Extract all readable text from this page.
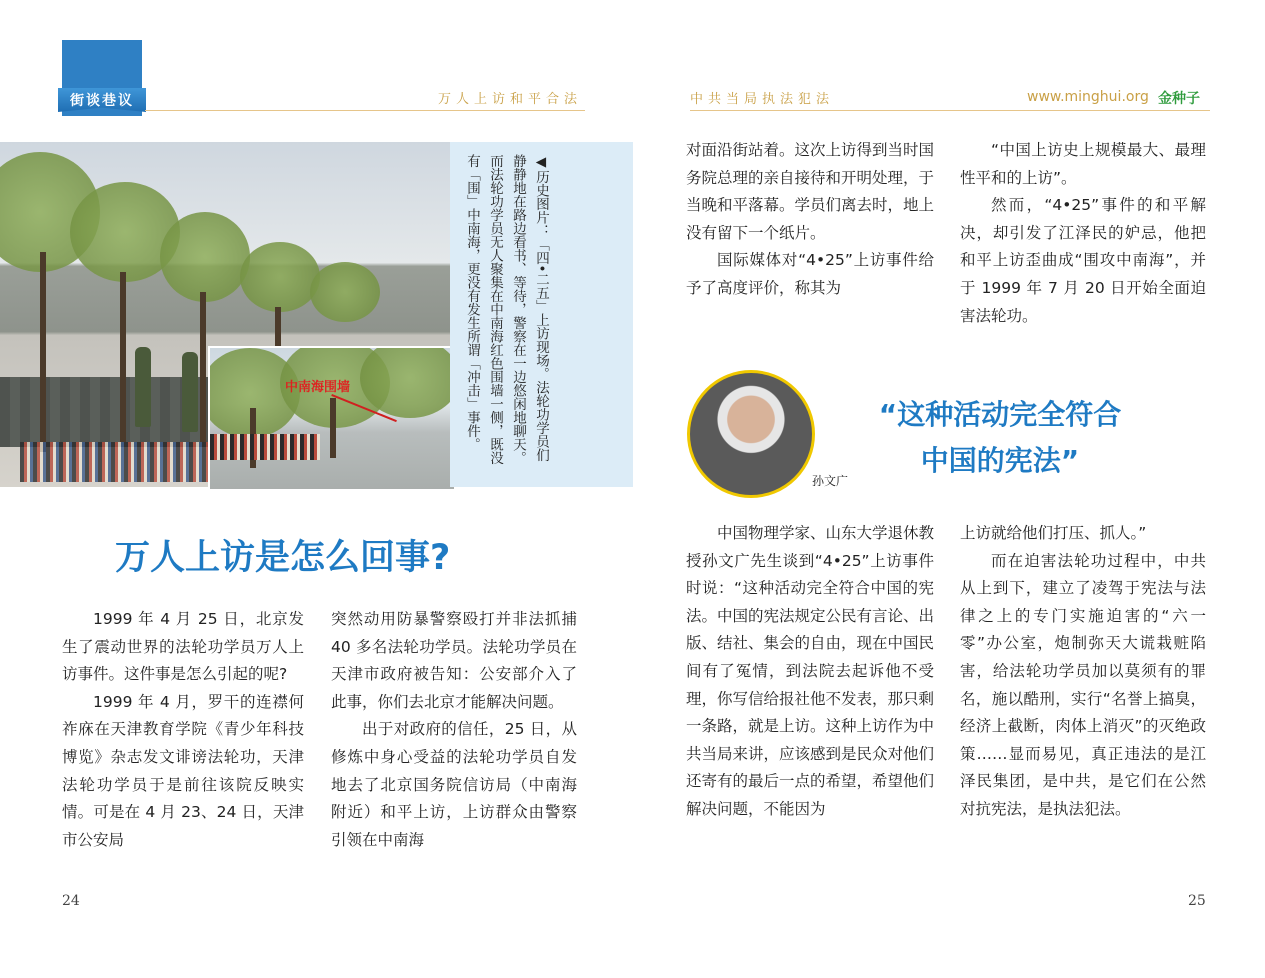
街谈巷议	万人上访和平合法	中共当局执法犯法	www.minghui.org 金种子
中南海围墙	◀历史图片：「四•二五」上访现场。法轮功学员们静静地在路边看书、等待，警察在一边悠闲地聊天。而法轮功学员无人聚集在中南海红色围墙一侧，既没有「围」中南海，更没有发生所谓「冲击」事件。
万人上访是怎么回事?

1999 年 4 月 25 日，北京发生了震动世界的法轮功学员万人上访事件。这件事是怎么引起的呢?

1999 年 4 月，罗干的连襟何祚庥在天津教育学院《青少年科技博览》杂志发文诽谤法轮功，天津法轮功学员于是前往该院反映实情。可是在 4 月 23、24 日，天津市公安局

突然动用防暴警察殴打并非法抓捕 40 多名法轮功学员。法轮功学员在天津市政府被告知：公安部介入了此事，你们去北京才能解决问题。

出于对政府的信任，25 日，从修炼中身心受益的法轮功学员自发地去了北京国务院信访局（中南海附近）和平上访，上访群众由警察引领在中南海

24

对面沿街站着。这次上访得到当时国务院总理的亲自接待和开明处理，于当晚和平落幕。学员们离去时，地上没有留下一个纸片。

国际媒体对“4•25”上访事件给予了高度评价，称其为

“中国上访史上规模最大、最理性平和的上访”。

然而，“4•25”事件的和平解决，却引发了江泽民的妒忌，他把和平上访歪曲成“围攻中南海”，并于 1999 年 7 月 20 日开始全面迫害法轮功。

“这种活动完全符合
中国的宪法”
孙文广

中国物理学家、山东大学退休教授孙文广先生谈到“4•25”上访事件时说：“这种活动完全符合中国的宪法。中国的宪法规定公民有言论、出版、结社、集会的自由，现在中国民间有了冤情，到法院去起诉他不受理，你写信给报社他不发表，那只剩一条路，就是上访。这种上访作为中共当局来讲，应该感到是民众对他们还寄有的最后一点的希望，希望他们解决问题，不能因为

上访就给他们打压、抓人。”

而在迫害法轮功过程中，中共从上到下，建立了凌驾于宪法与法律之上的专门实施迫害的“六一零”办公室，炮制弥天大谎栽赃陷害，给法轮功学员加以莫须有的罪名，施以酷刑，实行“名誉上搞臭，经济上截断，肉体上消灭”的灭绝政策……显而易见，真正违法的是江泽民集团，是中共，是它们在公然对抗宪法，是执法犯法。

25
